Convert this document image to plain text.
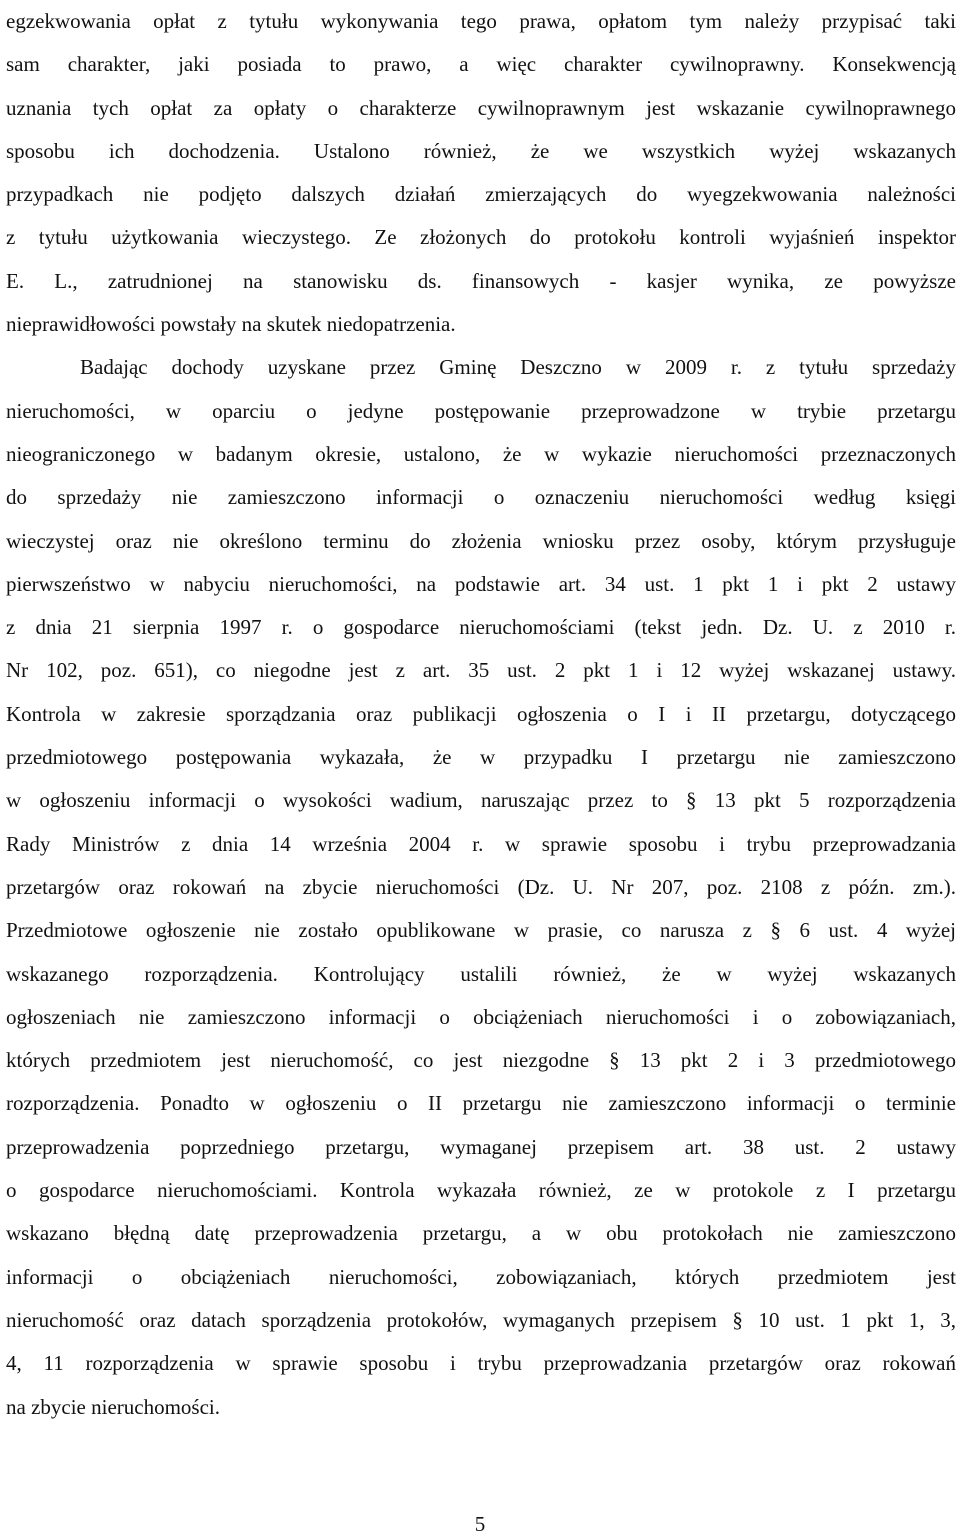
egzekwowania opłat z tytułu wykonywania tego prawa, opłatom tym należy przypisać taki
sam charakter, jaki posiada to prawo, a więc charakter cywilnoprawny. Konsekwencją
uznania tych opłat za opłaty o charakterze cywilnoprawnym jest wskazanie cywilnoprawnego
sposobu ich dochodzenia. Ustalono również, że we wszystkich wyżej wskazanych
przypadkach nie podjęto dalszych działań zmierzających do wyegzekwowania należności
z tytułu użytkowania wieczystego. Ze złożonych do protokołu kontroli wyjaśnień inspektor
E. L., zatrudnionej na stanowisku ds. finansowych - kasjer wynika, ze powyższe
nieprawidłowości powstały na skutek niedopatrzenia.
Badając dochody uzyskane przez Gminę Deszczno w 2009 r. z tytułu sprzedaży
nieruchomości, w oparciu o jedyne postępowanie przeprowadzone w trybie przetargu
nieograniczonego w badanym okresie, ustalono, że w wykazie nieruchomości przeznaczonych
do sprzedaży nie zamieszczono informacji o oznaczeniu nieruchomości według księgi
wieczystej oraz nie określono terminu do złożenia wniosku przez osoby, którym przysługuje
pierwszeństwo w nabyciu nieruchomości, na podstawie art. 34 ust. 1 pkt 1 i pkt 2 ustawy
z dnia 21 sierpnia 1997 r. o gospodarce nieruchomościami (tekst jedn. Dz. U. z 2010 r.
Nr 102, poz. 651), co niegodne jest z art. 35 ust. 2 pkt 1 i 12 wyżej wskazanej ustawy.
Kontrola w zakresie sporządzania oraz publikacji ogłoszenia o I i II przetargu, dotyczącego
przedmiotowego postępowania wykazała, że w przypadku I przetargu nie zamieszczono
w ogłoszeniu informacji o wysokości wadium, naruszając przez to § 13 pkt 5 rozporządzenia
Rady Ministrów z dnia 14 września 2004 r. w sprawie sposobu i trybu przeprowadzania
przetargów oraz rokowań na zbycie nieruchomości (Dz. U. Nr 207, poz. 2108 z późn. zm.).
Przedmiotowe ogłoszenie nie zostało opublikowane w prasie, co narusza z § 6 ust. 4 wyżej
wskazanego rozporządzenia. Kontrolujący ustalili również, że w wyżej wskazanych
ogłoszeniach nie zamieszczono informacji o obciążeniach nieruchomości i o zobowiązaniach,
których przedmiotem jest nieruchomość, co jest niezgodne § 13 pkt 2 i 3 przedmiotowego
rozporządzenia. Ponadto w ogłoszeniu o II przetargu nie zamieszczono informacji o terminie
przeprowadzenia poprzedniego przetargu, wymaganej przepisem art. 38 ust. 2 ustawy
o gospodarce nieruchomościami. Kontrola wykazała również, ze w protokole z I przetargu
wskazano błędną datę przeprowadzenia przetargu, a w obu protokołach nie zamieszczono
informacji o obciążeniach nieruchomości, zobowiązaniach, których przedmiotem jest
nieruchomość oraz datach sporządzenia protokołów, wymaganych przepisem § 10 ust. 1 pkt 1, 3,
4, 11 rozporządzenia w sprawie sposobu i trybu przeprowadzania przetargów oraz rokowań
na zbycie nieruchomości.
5
